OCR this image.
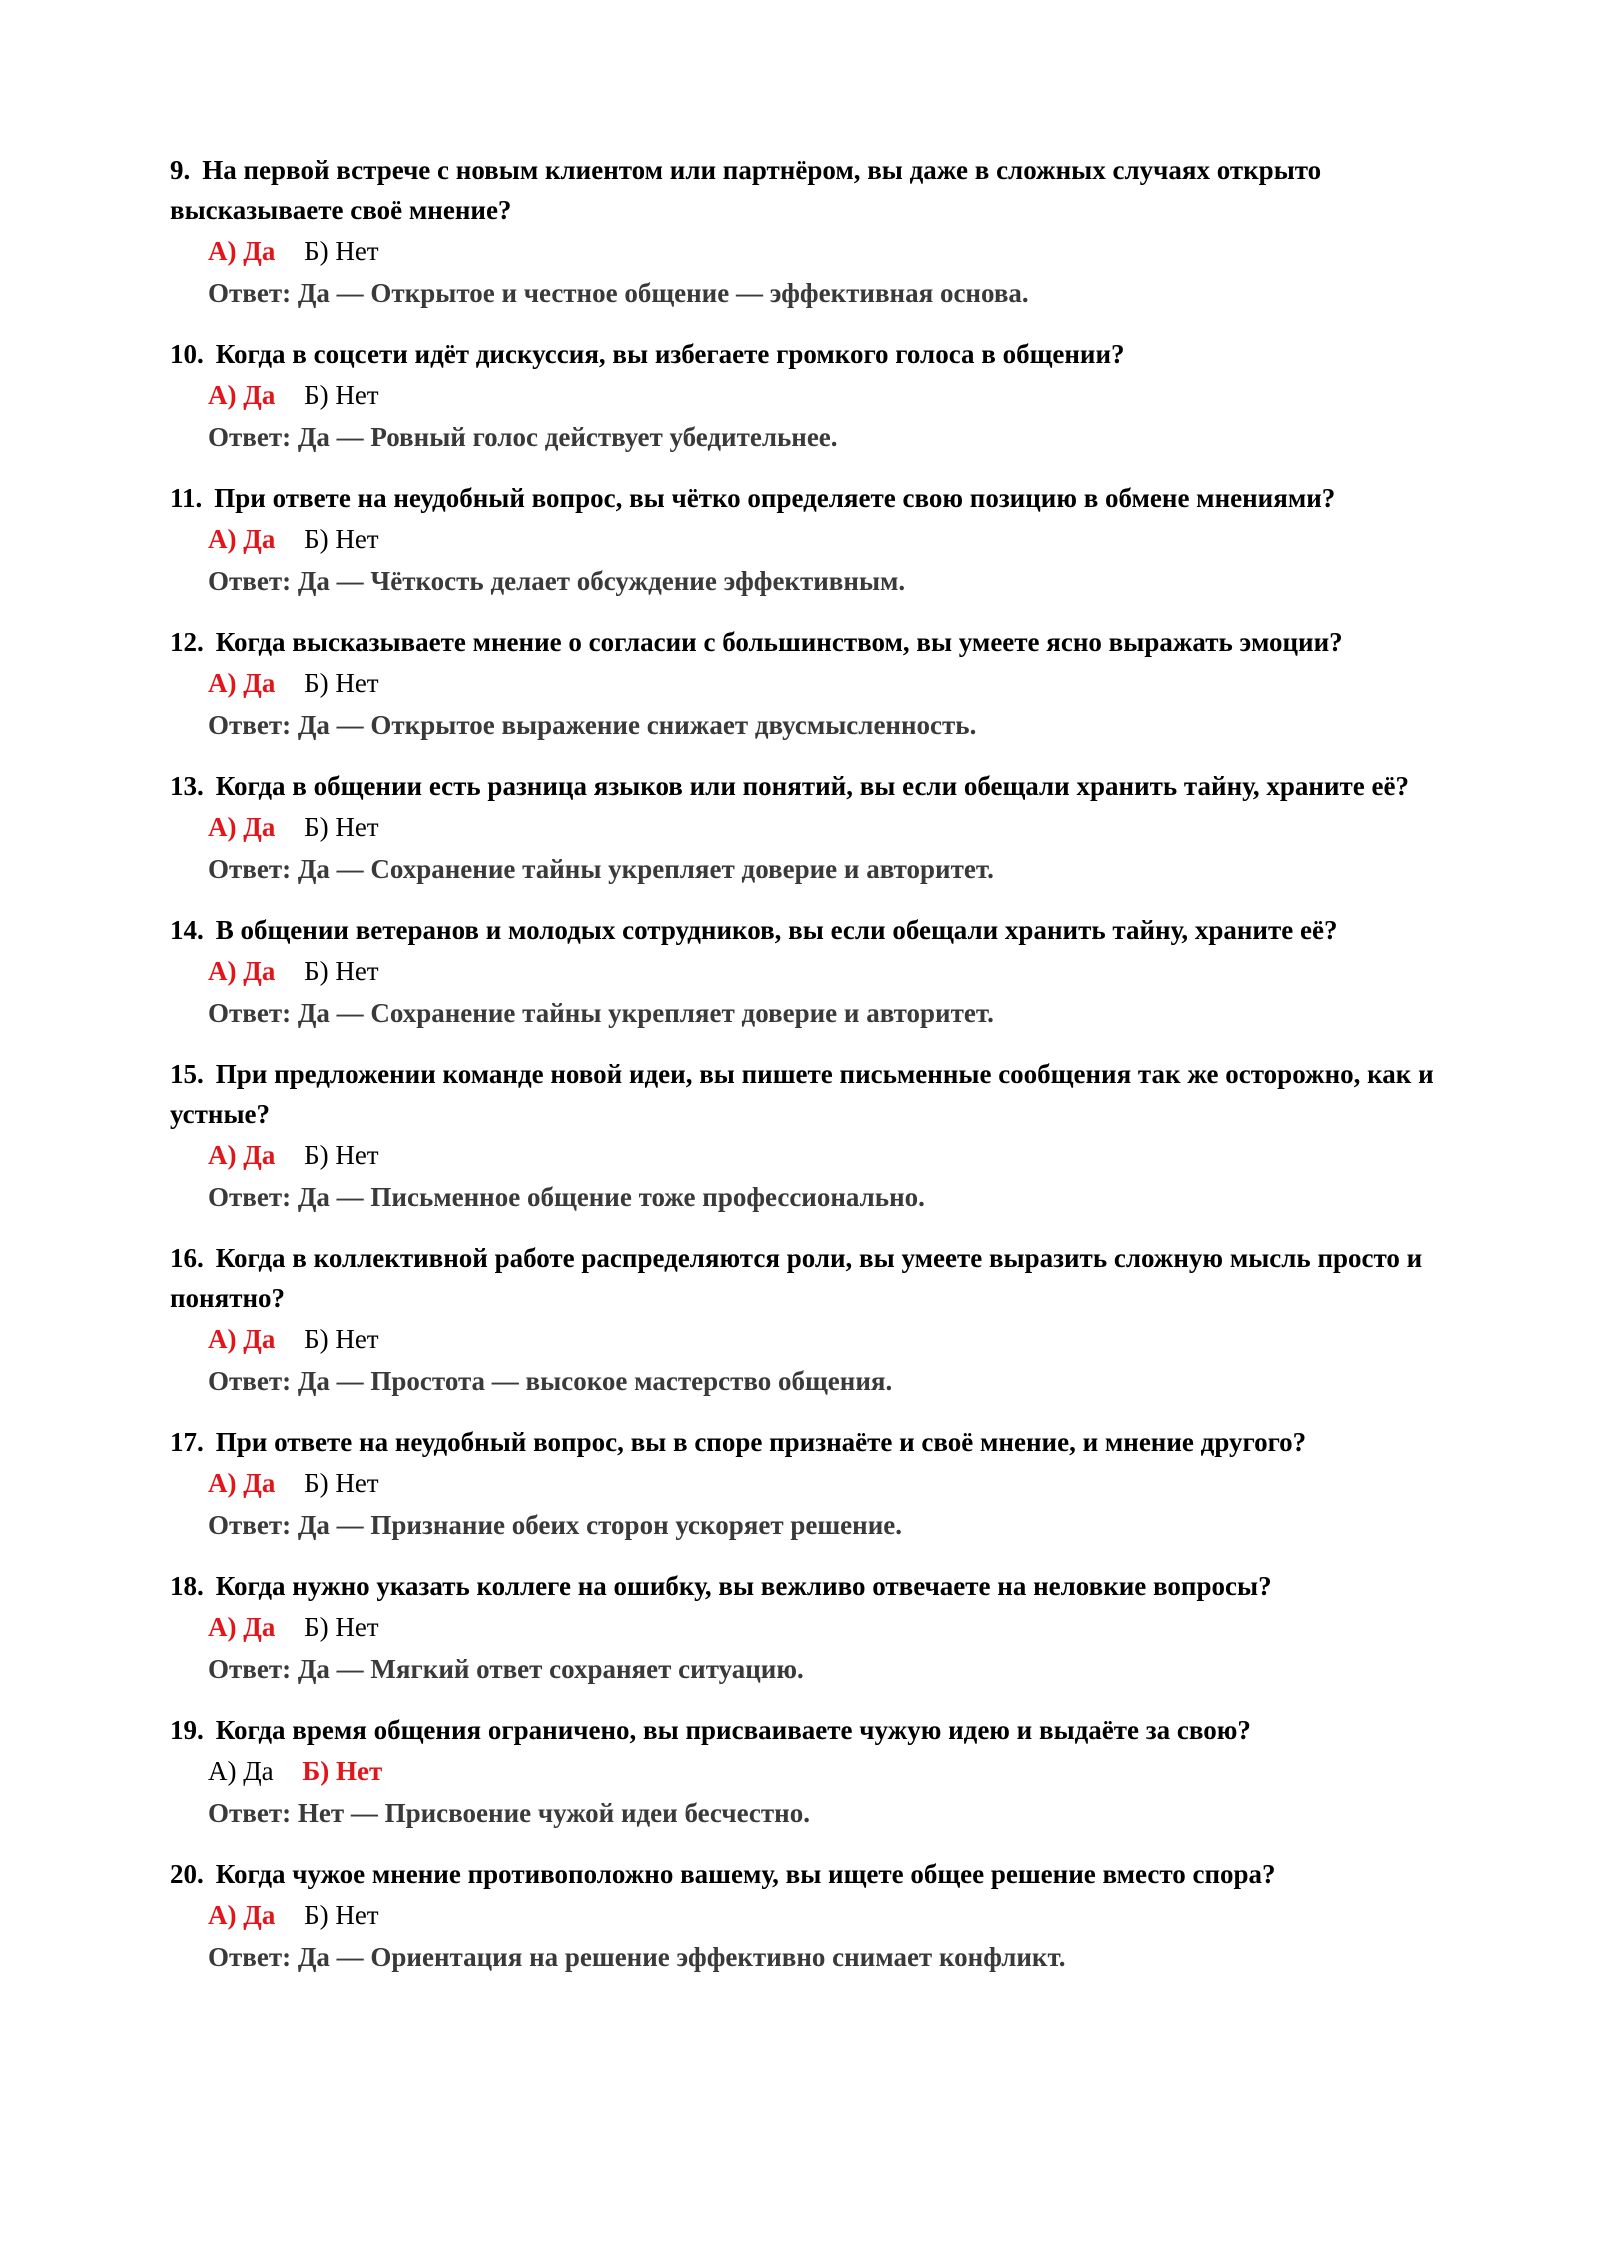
9. На первой встрече с новым клиентом или партнёром, вы даже в сложных случаях открыто высказываете своё мнение?

А) Да Б) Нет
Ответ: Да — Открытое и честное общение — эффективная основа.

10. Когда в соцсети идёт дискуссия, вы избегаете громкого голоса в общении?

А) Да Б) Нет
Ответ: Да — Ровный голос действует убедительнее.

11. При ответе на неудобный вопрос, вы чётко определяете свою позицию в обмене мнениями?

А) Да Б) Нет
Ответ: Да — Чёткость делает обсуждение эффективным.

12. Когда высказываете мнение о согласии с большинством, вы умеете ясно выражать эмоции?

А) Да Б) Нет
Ответ: Да — Открытое выражение снижает двусмысленность.

13. Когда в общении есть разница языков или понятий, вы если обещали хранить тайну, храните её?

А) Да Б) Нет
Ответ: Да — Сохранение тайны укрепляет доверие и авторитет.

14. В общении ветеранов и молодых сотрудников, вы если обещали хранить тайну, храните её?

А) Да Б) Нет
Ответ: Да — Сохранение тайны укрепляет доверие и авторитет.

15. При предложении команде новой идеи, вы пишете письменные сообщения так же осторожно, как и устные?

А) Да Б) Нет
Ответ: Да — Письменное общение тоже профессионально.

16. Когда в коллективной работе распределяются роли, вы умеете выразить сложную мысль просто и понятно?

А) Да Б) Нет
Ответ: Да — Простота — высокое мастерство общения.

17. При ответе на неудобный вопрос, вы в споре признаёте и своё мнение, и мнение другого?

А) Да Б) Нет
Ответ: Да — Признание обеих сторон ускоряет решение.

18. Когда нужно указать коллеге на ошибку, вы вежливо отвечаете на неловкие вопросы?

А) Да Б) Нет
Ответ: Да — Мягкий ответ сохраняет ситуацию.

19. Когда время общения ограничено, вы присваиваете чужую идею и выдаёте за свою?

А) Да Б) Нет
Ответ: Нет — Присвоение чужой идеи бесчестно.

20. Когда чужое мнение противоположно вашему, вы ищете общее решение вместо спора?

А) Да Б) Нет
Ответ: Да — Ориентация на решение эффективно снимает конфликт.
